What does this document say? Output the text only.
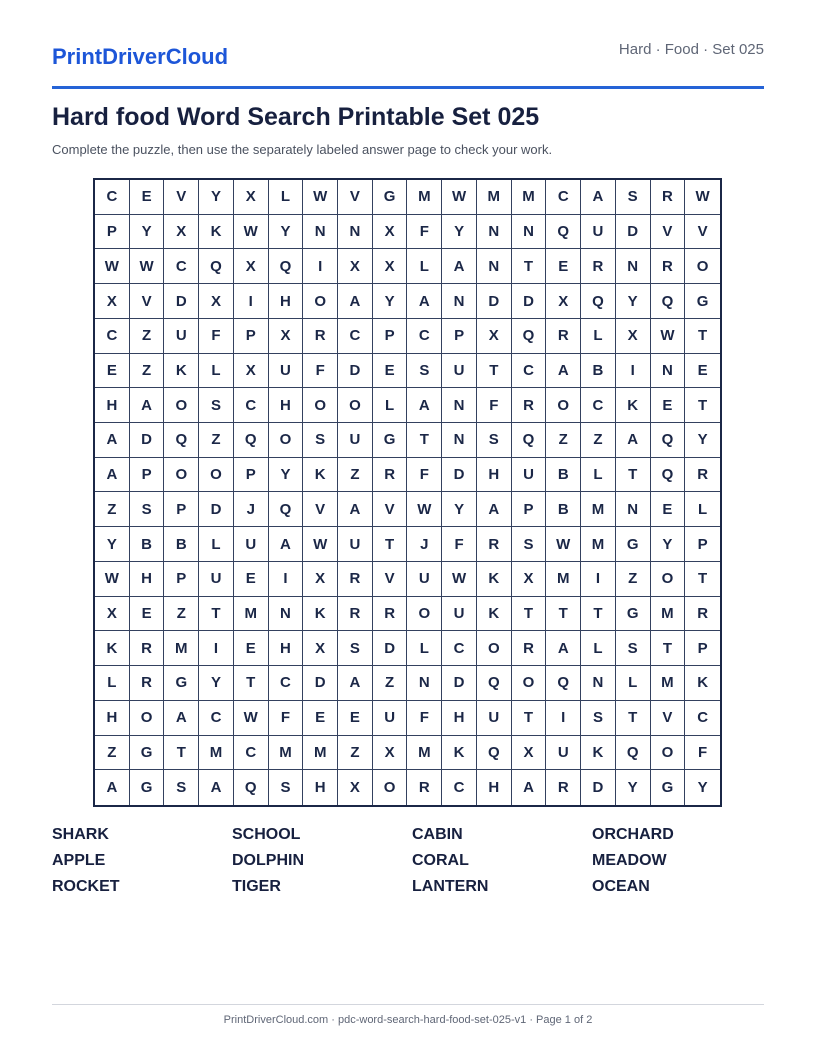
PrintDriverCloud	Hard · Food · Set 025
Hard food Word Search Printable Set 025
Complete the puzzle, then use the separately labeled answer page to check your work.
C	E	V	Y	X	L	W	V	G	M	W	M	M	C	A	S	R	W
P	Y	X	K	W	Y	N	N	X	F	Y	N	N	Q	U	D	V	V
W	W	C	Q	X	Q	I	X	X	L	A	N	T	E	R	N	R	O
X	V	D	X	I	H	O	A	Y	A	N	D	D	X	Q	Y	Q	G
C	Z	U	F	P	X	R	C	P	C	P	X	Q	R	L	X	W	T
E	Z	K	L	X	U	F	D	E	S	U	T	C	A	B	I	N	E
H	A	O	S	C	H	O	O	L	A	N	F	R	O	C	K	E	T
A	D	Q	Z	Q	O	S	U	G	T	N	S	Q	Z	Z	A	Q	Y
A	P	O	O	P	Y	K	Z	R	F	D	H	U	B	L	T	Q	R
Z	S	P	D	J	Q	V	A	V	W	Y	A	P	B	M	N	E	L
Y	B	B	L	U	A	W	U	T	J	F	R	S	W	M	G	Y	P
W	H	P	U	E	I	X	R	V	U	W	K	X	M	I	Z	O	T
X	E	Z	T	M	N	K	R	R	O	U	K	T	T	T	G	M	R
K	R	M	I	E	H	X	S	D	L	C	O	R	A	L	S	T	P
L	R	G	Y	T	C	D	A	Z	N	D	Q	O	Q	N	L	M	K
H	O	A	C	W	F	E	E	U	F	H	U	T	I	S	T	V	C
Z	G	T	M	C	M	M	Z	X	M	K	Q	X	U	K	Q	O	F
A	G	S	A	Q	S	H	X	O	R	C	H	A	R	D	Y	G	Y
SHARK	SCHOOL	CABIN	ORCHARD
APPLE	DOLPHIN	CORAL	MEADOW
ROCKET	TIGER	LANTERN	OCEAN
PrintDriverCloud.com · pdc-word-search-hard-food-set-025-v1 · Page 1 of 2
